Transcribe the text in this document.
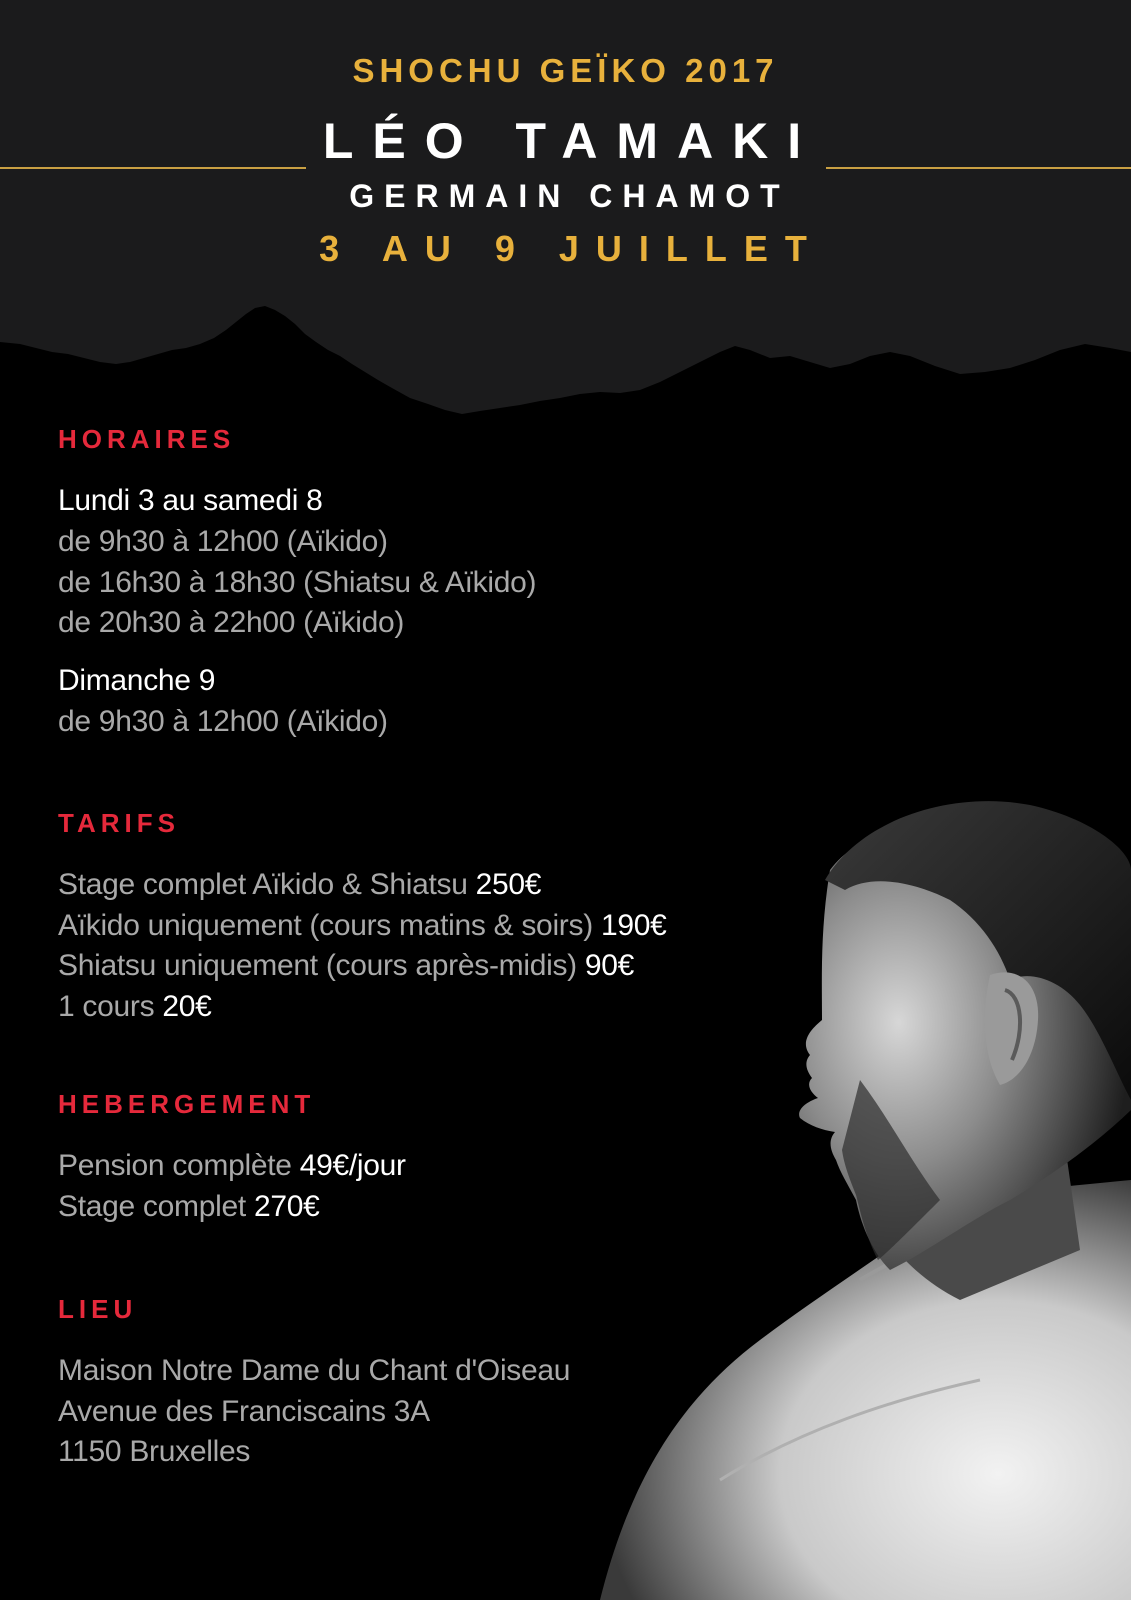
SHOCHU GEÏKO 2017
LÉO TAMAKI
GERMAIN CHAMOT
3 AU 9 JUILLET
HORAIRES
Lundi 3 au samedi 8
de 9h30 à 12h00 (Aïkido)
de 16h30 à 18h30 (Shiatsu & Aïkido)
de 20h30 à 22h00 (Aïkido)
Dimanche 9
de 9h30 à 12h00 (Aïkido)
TARIFS
Stage complet Aïkido & Shiatsu 250€
Aïkido uniquement (cours matins & soirs) 190€
Shiatsu uniquement (cours après-midis) 90€
1 cours 20€
HEBERGEMENT
Pension complète 49€/jour
Stage complet 270€
LIEU
Maison Notre Dame du Chant d'Oiseau
Avenue des Franciscains 3A
1150 Bruxelles
